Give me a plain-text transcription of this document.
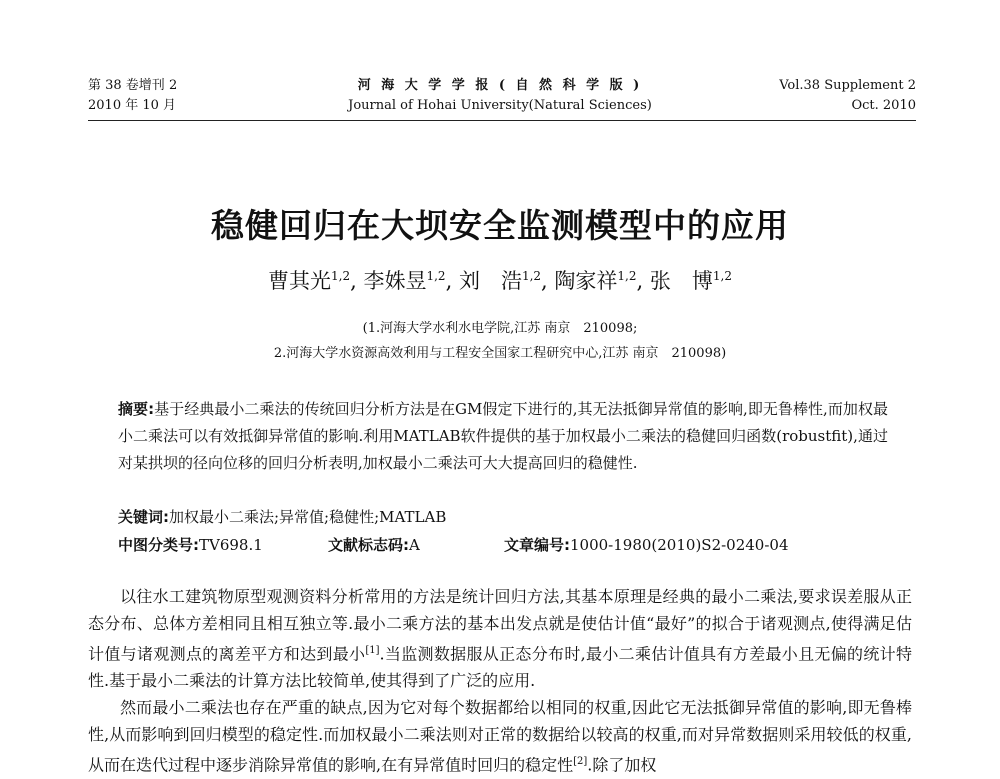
第 38 卷增刊 2
2010 年 10 月
河 海 大 学 学 报 ( 自 然 科 学 版 )
Journal of Hohai University(Natural Sciences)
Vol.38 Supplement 2
Oct. 2010
稳健回归在大坝安全监测模型中的应用
曹其光$^{1,2}$, 李姝昱$^{1,2}$, 刘　浩$^{1,2}$, 陶家祥$^{1,2}$, 张　博$^{1,2}$
(1.河海大学水利水电学院,江苏 南京　210098;
2.河海大学水资源高效利用与工程安全国家工程研究中心,江苏 南京　210098)
摘要:基于经典最小二乘法的传统回归分析方法是在GM假定下进行的,其无法抵御异常值的影响,即无鲁棒性,而加权最小二乘法可以有效抵御异常值的影响.利用MATLAB软件提供的基于加权最小二乘法的稳健回归函数(robustfit),通过对某拱坝的径向位移的回归分析表明,加权最小二乘法可大大提高回归的稳健性.
关键词:加权最小二乘法;异常值;稳健性;MATLAB
中图分类号:TV698.1	文献标志码:A	文章编号:1000-1980(2010)S2-0240-04

以往水工建筑物原型观测资料分析常用的方法是统计回归方法,其基本原理是经典的最小二乘法,要求误差服从正态分布、总体方差相同且相互独立等.最小二乘方法的基本出发点就是使估计值“最好”的拟合于诸观测点,使得满足估计值与诸观测点的离差平方和达到最小[1].当监测数据服从正态分布时,最小二乘估计值具有方差最小且无偏的统计特性.基于最小二乘法的计算方法比较简单,使其得到了广泛的应用.

然而最小二乘法也存在严重的缺点,因为它对每个数据都给以相同的权重,因此它无法抵御异常值的影响,即无鲁棒性,从而影响到回归模型的稳定性.而加权最小二乘法则对正常的数据给以较高的权重,而对异常数据则采用较低的权重,从而在迭代过程中逐步消除异常值的影响,在有异常值时回归的稳定性[2].除了加权
